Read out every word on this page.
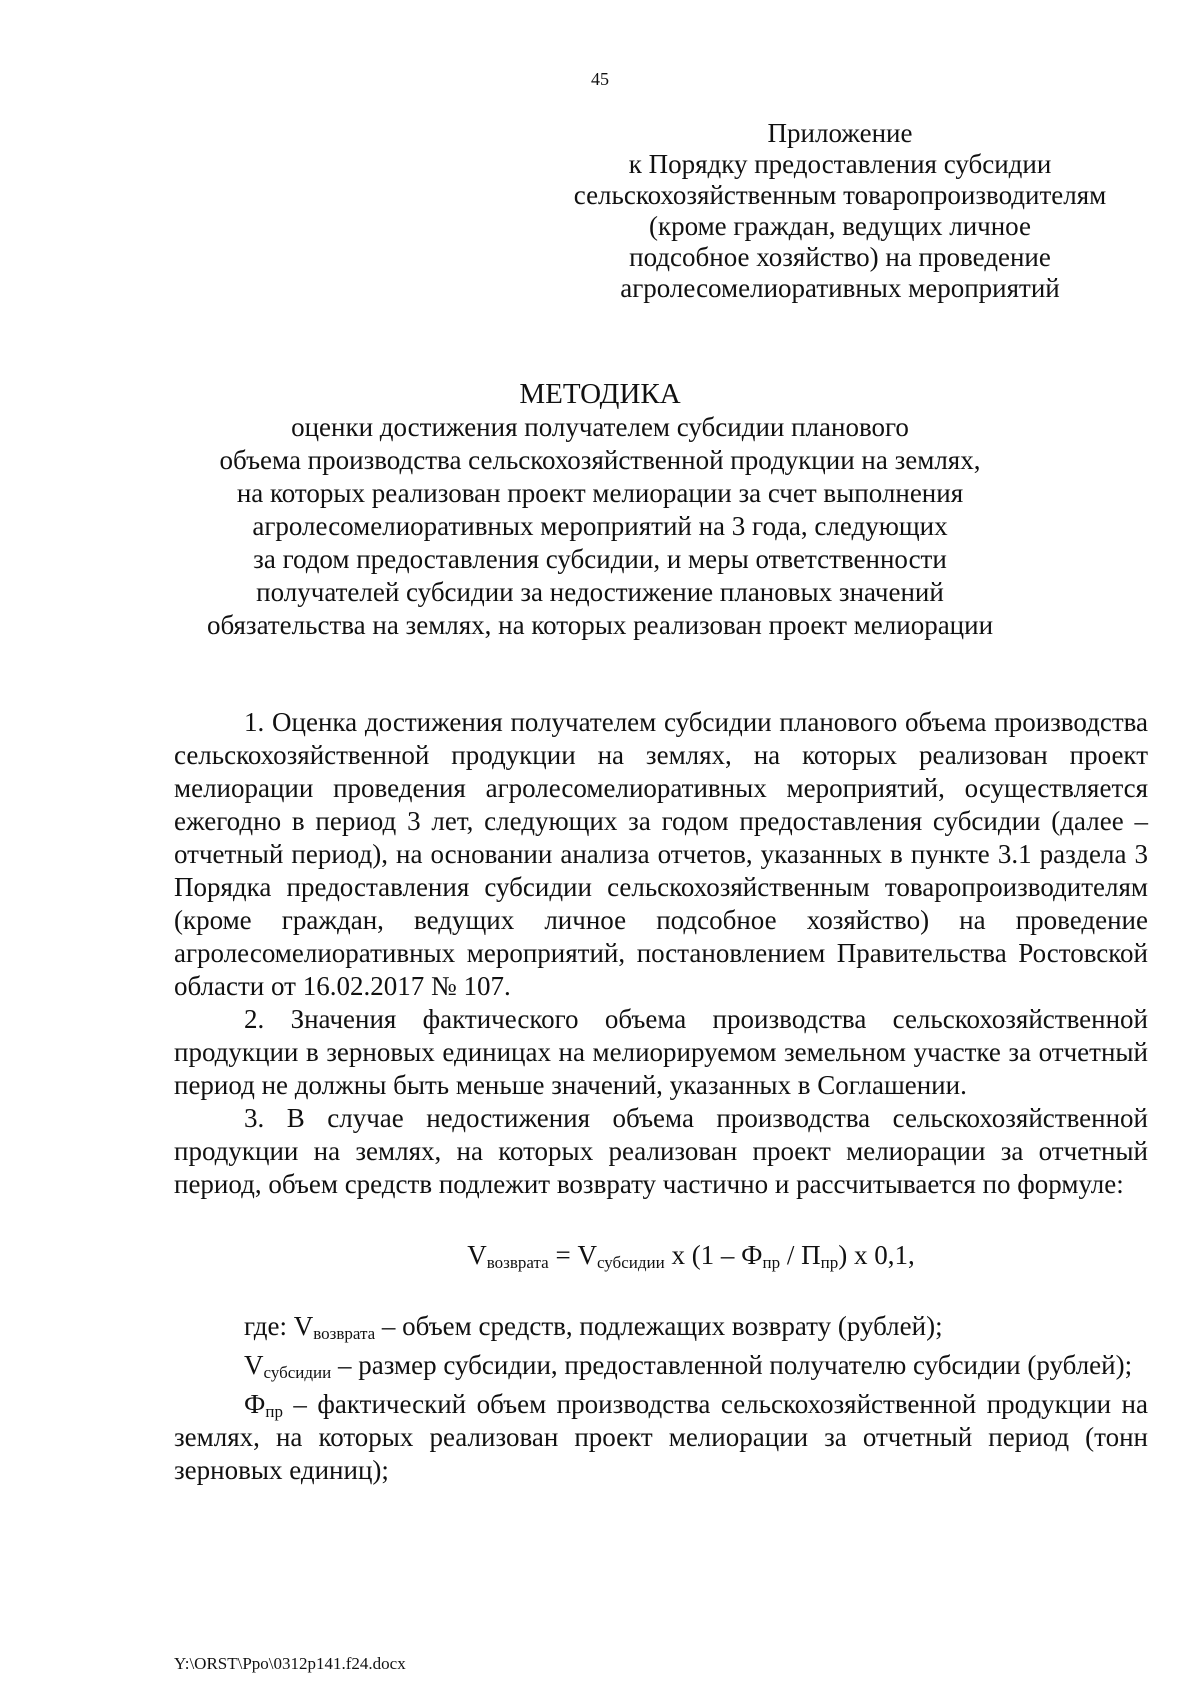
45
Приложение
к Порядку предоставления субсидии
сельскохозяйственным товаропроизводителям
(кроме граждан, ведущих личное
подсобное хозяйство) на проведение
агролесомелиоративных мероприятий
МЕТОДИКА
оценки достижения получателем субсидии планового
объема производства сельскохозяйственной продукции на землях,
на которых реализован проект мелиорации за счет выполнения
агролесомелиоративных мероприятий на 3 года, следующих
за годом предоставления субсидии, и меры ответственности
получателей субсидии за недостижение плановых значений
обязательства на землях, на которых реализован проект мелиорации

1. Оценка достижения получателем субсидии планового объема производства сельскохозяйственной продукции на землях, на которых реализован проект мелиорации проведения агролесомелиоративных мероприятий, осуществляется ежегодно в период 3 лет, следующих за годом предоставления субсидии (далее – отчетный период), на основании анализа отчетов, указанных в пункте 3.1 раздела 3 Порядка предоставления субсидии сельскохозяйственным товаропроизводителям (кроме граждан, ведущих личное подсобное хозяйство) на проведение агролесомелиоративных мероприятий, постановлением Правительства Ростовской области от 16.02.2017 № 107.

2. Значения фактического объема производства сельскохозяйственной продукции в зерновых единицах на мелиорируемом земельном участке за отчетный период не должны быть меньше значений, указанных в Соглашении.

3. В случае недостижения объема производства сельскохозяйственной продукции на землях, на которых реализован проект мелиорации за отчетный период, объем средств подлежит возврату частично и рассчитывается по формуле:

$V_{возврата} = V_{субсидии}$ х $(1 - Ф_{пр} / П_{пр})$ х 0,1,

где: $V_{возврата}$ – объем средств, подлежащих возврату (рублей);

$V_{субсидии}$ – размер субсидии, предоставленной получателю субсидии (рублей);

$Ф_{пр}$ – фактический объем производства сельскохозяйственной продукции на землях, на которых реализован проект мелиорации за отчетный период (тонн зерновых единиц);

Y:\ORST\Ppo\0312p141.f24.docx
